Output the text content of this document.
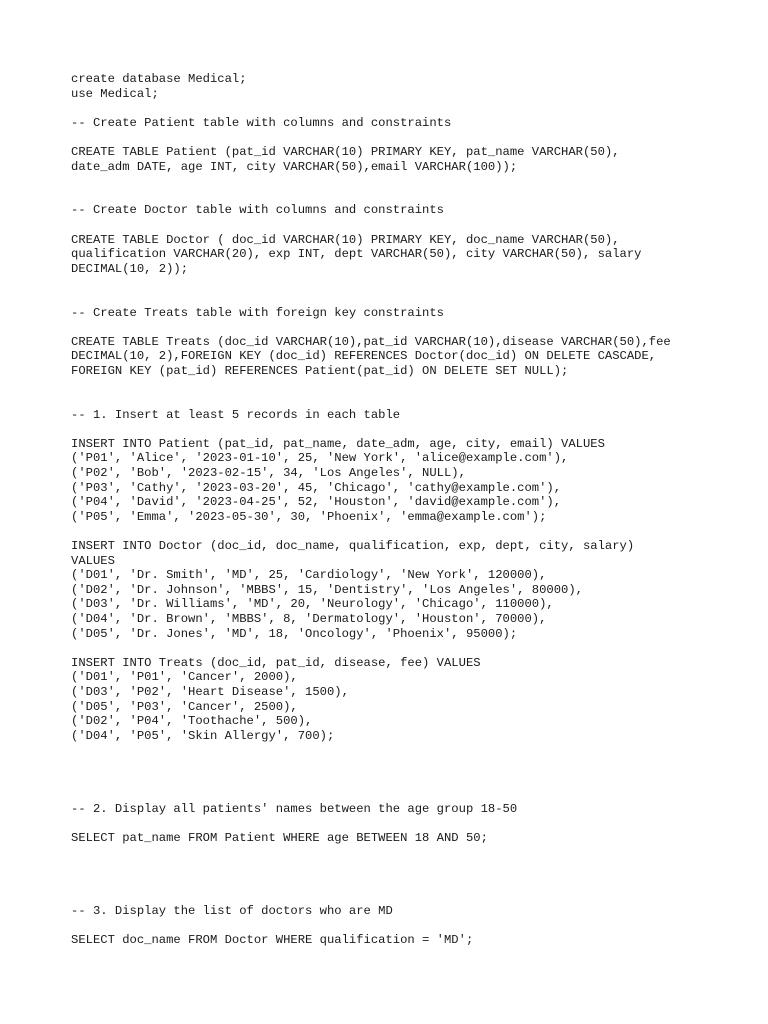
create database Medical;
use Medical;
-- Create Patient table with columns and constraints
CREATE TABLE Patient (pat_id VARCHAR(10) PRIMARY KEY, pat_name VARCHAR(50),
date_adm DATE, age INT, city VARCHAR(50),email VARCHAR(100));
-- Create Doctor table with columns and constraints
CREATE TABLE Doctor ( doc_id VARCHAR(10) PRIMARY KEY, doc_name VARCHAR(50),
qualification VARCHAR(20), exp INT, dept VARCHAR(50), city VARCHAR(50), salary
DECIMAL(10, 2));
-- Create Treats table with foreign key constraints
CREATE TABLE Treats (doc_id VARCHAR(10),pat_id VARCHAR(10),disease VARCHAR(50),fee
DECIMAL(10, 2),FOREIGN KEY (doc_id) REFERENCES Doctor(doc_id) ON DELETE CASCADE,
FOREIGN KEY (pat_id) REFERENCES Patient(pat_id) ON DELETE SET NULL);
-- 1. Insert at least 5 records in each table
INSERT INTO Patient (pat_id, pat_name, date_adm, age, city, email) VALUES
('P01', 'Alice', '2023-01-10', 25, 'New York', 'alice@example.com'),
('P02', 'Bob', '2023-02-15', 34, 'Los Angeles', NULL),
('P03', 'Cathy', '2023-03-20', 45, 'Chicago', 'cathy@example.com'),
('P04', 'David', '2023-04-25', 52, 'Houston', 'david@example.com'),
('P05', 'Emma', '2023-05-30', 30, 'Phoenix', 'emma@example.com');
INSERT INTO Doctor (doc_id, doc_name, qualification, exp, dept, city, salary)
VALUES
('D01', 'Dr. Smith', 'MD', 25, 'Cardiology', 'New York', 120000),
('D02', 'Dr. Johnson', 'MBBS', 15, 'Dentistry', 'Los Angeles', 80000),
('D03', 'Dr. Williams', 'MD', 20, 'Neurology', 'Chicago', 110000),
('D04', 'Dr. Brown', 'MBBS', 8, 'Dermatology', 'Houston', 70000),
('D05', 'Dr. Jones', 'MD', 18, 'Oncology', 'Phoenix', 95000);
INSERT INTO Treats (doc_id, pat_id, disease, fee) VALUES
('D01', 'P01', 'Cancer', 2000),
('D03', 'P02', 'Heart Disease', 1500),
('D05', 'P03', 'Cancer', 2500),
('D02', 'P04', 'Toothache', 500),
('D04', 'P05', 'Skin Allergy', 700);
-- 2. Display all patients' names between the age group 18-50
SELECT pat_name FROM Patient WHERE age BETWEEN 18 AND 50;
-- 3. Display the list of doctors who are MD
SELECT doc_name FROM Doctor WHERE qualification = 'MD';
